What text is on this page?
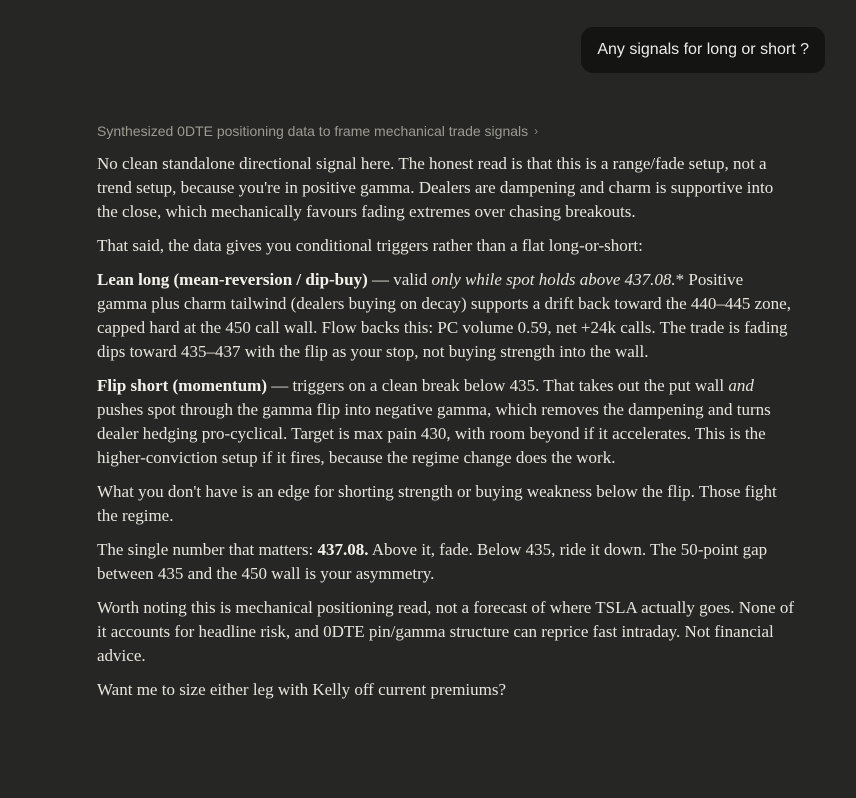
Any signals for long or short ?
Synthesized 0DTE positioning data to frame mechanical trade signals ›

No clean standalone directional signal here. The honest read is that this is a range/fade setup, not a trend setup, because you're in positive gamma. Dealers are dampening and charm is supportive into the close, which mechanically favours fading extremes over chasing breakouts.

That said, the data gives you conditional triggers rather than a flat long-or-short:

Lean long (mean-reversion / dip-buy) — valid only while spot holds above 437.08.* Positive gamma plus charm tailwind (dealers buying on decay) supports a drift back toward the 440–445 zone, capped hard at the 450 call wall. Flow backs this: PC volume 0.59, net +24k calls. The trade is fading dips toward 435–437 with the flip as your stop, not buying strength into the wall.

Flip short (momentum) — triggers on a clean break below 435. That takes out the put wall and pushes spot through the gamma flip into negative gamma, which removes the dampening and turns dealer hedging pro-cyclical. Target is max pain 430, with room beyond if it accelerates. This is the higher-conviction setup if it fires, because the regime change does the work.

What you don't have is an edge for shorting strength or buying weakness below the flip. Those fight the regime.

The single number that matters: 437.08. Above it, fade. Below 435, ride it down. The 50-point gap between 435 and the 450 wall is your asymmetry.

Worth noting this is mechanical positioning read, not a forecast of where TSLA actually goes. None of it accounts for headline risk, and 0DTE pin/gamma structure can reprice fast intraday. Not financial advice.

Want me to size either leg with Kelly off current premiums?
